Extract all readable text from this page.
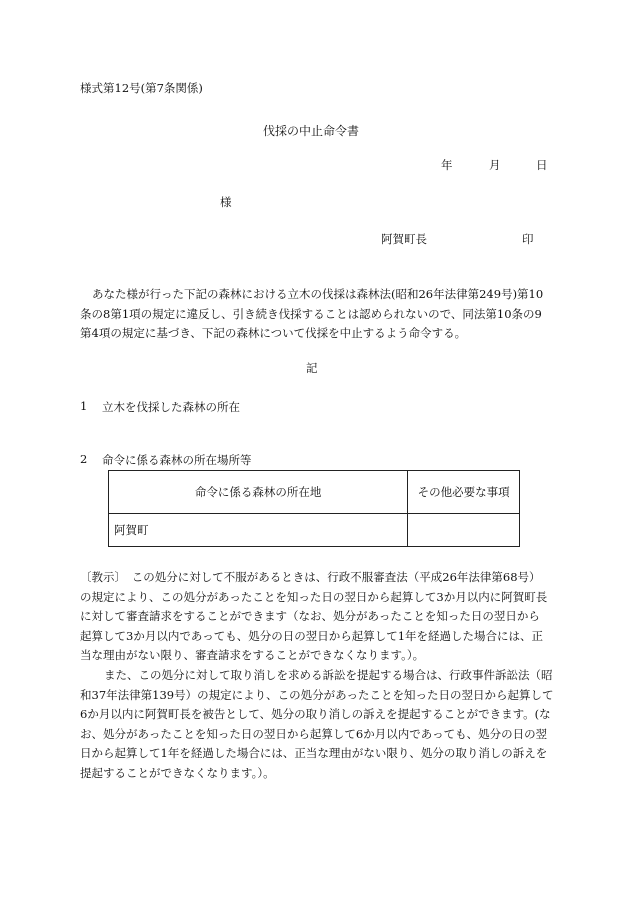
様式第12号(第7条関係)
伐採の中止命令書
年	月	日
様
阿賀町長	印
あなた様が行った下記の森林における立木の伐採は森林法(昭和26年法律第249号)第10
条の8第1項の規定に違反し、引き続き伐採することは認められないので、同法第10条の9
第4項の規定に基づき、下記の森林について伐採を中止するよう命令する。
記
1 立木を伐採した森林の所在
2 命令に係る森林の所在場所等
命令に係る森林の所在地	その他必要な事項
阿賀町	
〔教示〕　この処分に対して不服があるときは、行政不服審査法（平成26年法律第68号）
の規定により、この処分があったことを知った日の翌日から起算して3か月以内に阿賀町長
に対して審査請求をすることができます（なお、処分があったことを知った日の翌日から
起算して3か月以内であっても、処分の日の翌日から起算して1年を経過した場合には、正
当な理由がない限り、審査請求をすることができなくなります。）。
また、この処分に対して取り消しを求める訴訟を提起する場合は、行政事件訴訟法（昭
和37年法律第139号）の規定により、この処分があったことを知った日の翌日から起算して
6か月以内に阿賀町長を被告として、処分の取り消しの訴えを提起することができます。(な
お、処分があったことを知った日の翌日から起算して6か月以内であっても、処分の日の翌
日から起算して1年を経過した場合には、正当な理由がない限り、処分の取り消しの訴えを
提起することができなくなります。）。
